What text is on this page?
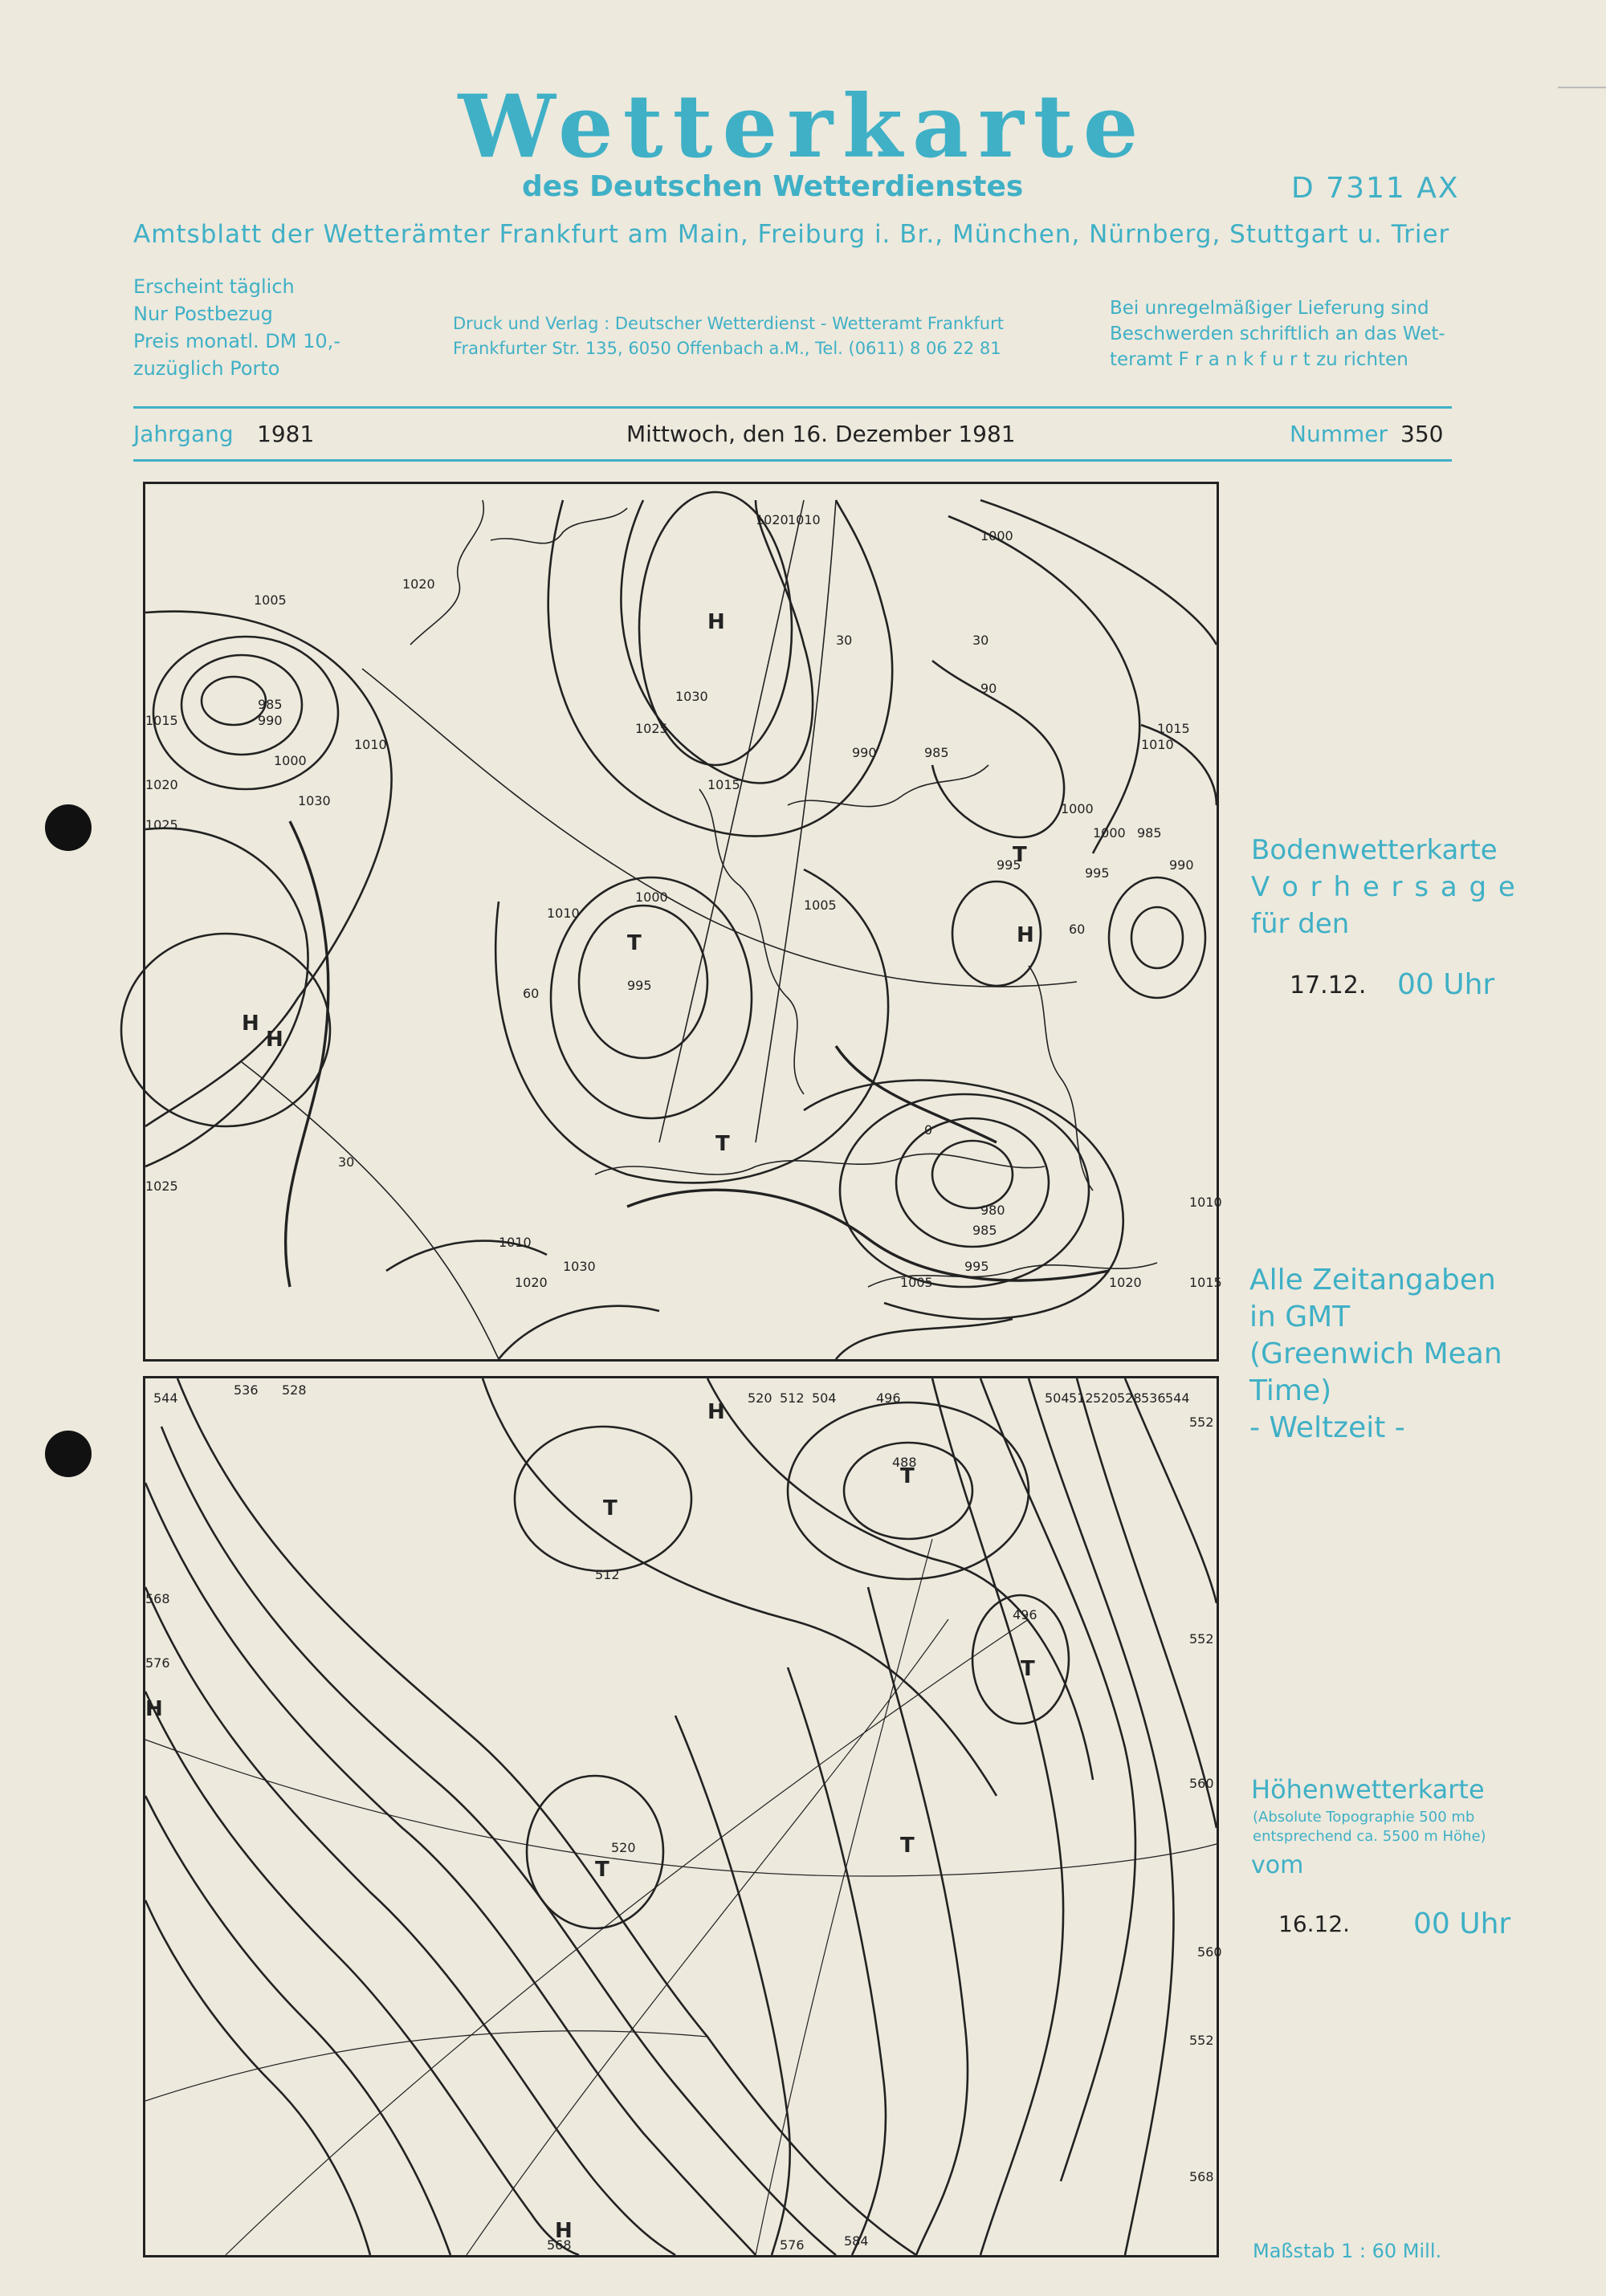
Wetterkarte
des Deutschen Wetterdienstes	D 7311 AX
Amtsblatt der Wetterämter Frankfurt am Main, Freiburg i. Br., München, Nürnberg, Stuttgart u. Trier
Erscheint täglich
Nur Postbezug
Preis monatl. DM 10,-
zuzüglich Porto
Druck und Verlag : Deutscher Wetterdienst - Wetteramt Frankfurt
Frankfurter Str. 135, 6050 Offenbach a.M., Tel. (0611) 8 06 22 81
Bei unregelmäßiger Lieferung sind
Beschwerden schriftlich an das Wet-
teramt F r a n k f u r t zu richten
Jahrgang 1981	Mittwoch, den 16. Dezember 1981	Nummer 350
1005
1015
1020
985
990
1000
1010
1025
1030
H
1020
1030
1025
1015
1020 1010
1000
985
990
1015
1010
1000
995
T
985
990
995
1000
H
T
995
1000
1005
H
1010
1020
1030
H
1025
980
985
995
1005
1010
1015
1020
1010
60
30
30
60
30
90
0
T
Bodenwetterkarte
V o r h e r s a g e
für den
17.12. 00 Uhr
Alle Zeitangaben
in GMT
(Greenwich Mean
Time)
- Weltzeit -
544
536 528
H
520 512 504	496	504 512 520 528 536 544
552
552
560
568
576
H
T
512
T
488
T
496
T
520	T
H	584
576
568
568
560
552
Höhenwetterkarte
(Absolute Topographie 500 mb
entsprechend ca. 5500 m Höhe)
vom
16.12. 00 Uhr
Maßstab 1 : 60 Mill.
